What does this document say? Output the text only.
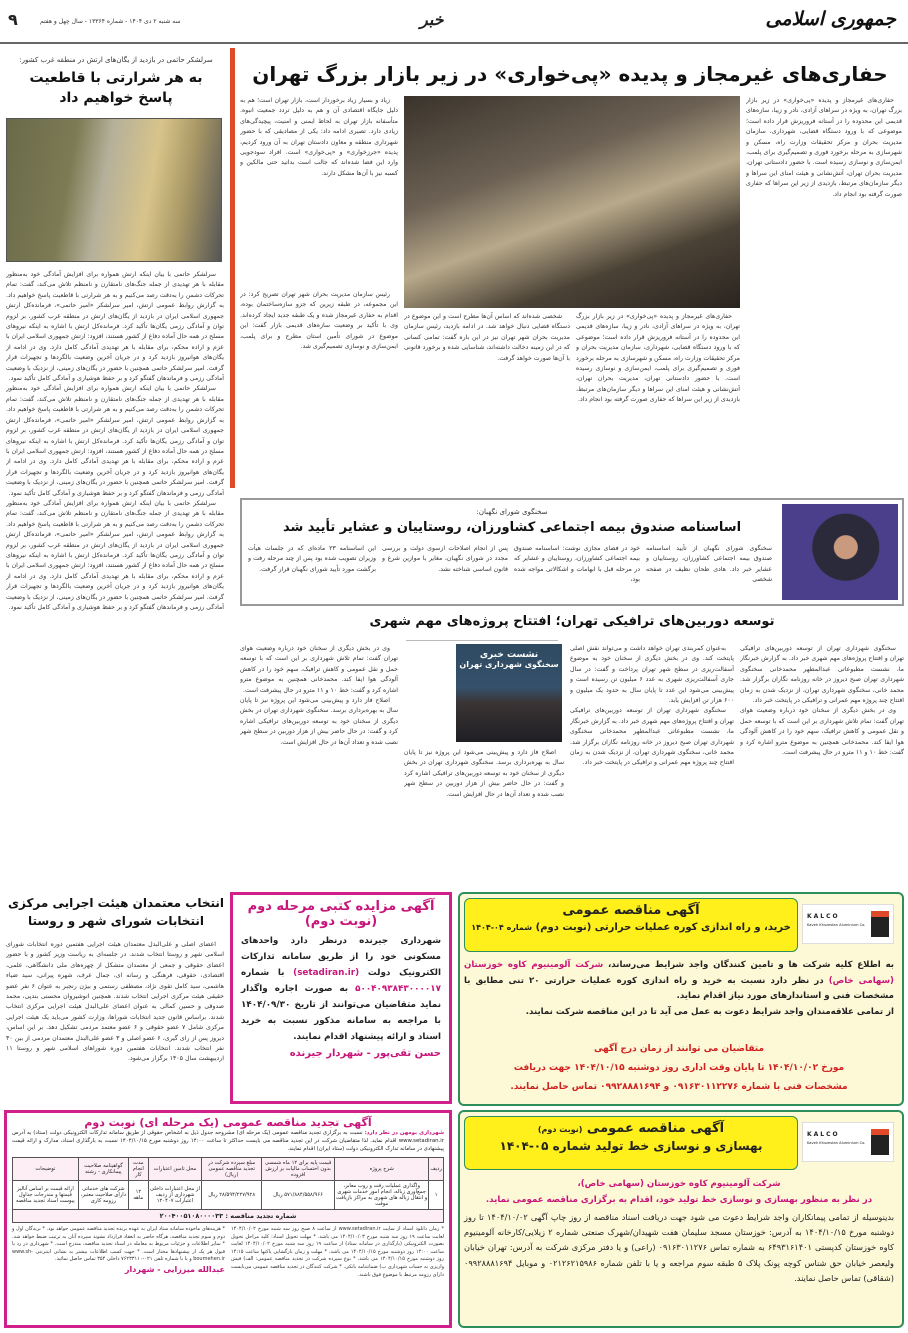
جمهوری اسلامی
خبر
سه شنبه ۲ دی ۱۴۰۴ - شماره ۱۳۳۶۴ - سال چهل و هفتم
۹
حفاری‌های غیرمجاز و پدیده «پی‌خواری» در زیر بازار بزرگ تهران

حفاری‌های غیرمجاز و پدیده «پی‌خواری» در زیر بازار بزرگ تهران، به ویژه در سراهای آزادی، نادر و زیبا، سازه‌های قدیمی این محدوده را در آستانه فروریزش قرار داده است؛ موضوعی که با ورود دستگاه قضایی، شهرداری، سازمان مدیریت بحران و مرکز تحقیقات وزارت راه، مسکن و شهرسازی به مرحله برخورد فوری و تصمیم‌گیری برای پلمب، ایمن‌سازی و نوسازی رسیده است. با حضور دادستانی تهران، مدیریت بحران تهران، آتش‌نشانی و هیئت امنای این سراها و دیگر سازمان‌های مرتبط، بازدیدی از زیر این سراها که حفاری صورت گرفته بود انجام داد.

شخصی شده‌اند که اساس آن‌ها مطرح است و این موضوع در دستگاه قضایی دنبال خواهد شد. در ادامه بازدید، رئیس سازمان مدیریت بحران شهر تهران نیز در این باره گفت: تمامی کسانی که در این زمینه دخالت داشته‌اند، شناسایی شده و برخورد قانونی با آن‌ها صورت خواهد گرفت.

حفاری‌های غیرمجاز و پدیده «پی‌خواری» در زیر بازار بزرگ تهران، به ویژه در سراهای آزادی، نادر و زیبا، سازه‌های قدیمی این محدوده را در آستانه فروریزش قرار داده است؛ موضوعی که با ورود دستگاه قضایی، شهرداری، سازمان مدیریت بحران و مرکز تحقیقات وزارت راه، مسکن و شهرسازی به مرحله برخورد فوری و تصمیم‌گیری برای پلمب، ایمن‌سازی و نوسازی رسیده است. با حضور دادستانی تهران، مدیریت بحران تهران، آتش‌نشانی و هیئت امنای این سراها و دیگر سازمان‌های مرتبط، بازدیدی از زیر این سراها که حفاری صورت گرفته بود انجام داد.

زیاد و بسیار زیاد برخوردار است، بازار تهران است؛ هم به دلیل جایگاه اقتصادی آن و هم به دلیل تردد جمعیت انبوه. متأسفانه بازار تهران به لحاظ ایمنی و امنیت، پیچیدگی‌های زیادی دارد. تصیری ادامه داد: یکی از مصادیقی که با حضور شهرداری منطقه و معاون دادستان تهران به آن ورود کردیم، پدیده «جرزخواری» و «پی‌خواری» است. افراد سودجویی وارد این فضا شده‌اند که جالب است بدانید حتی مالکین و کسبه نیز با آن‌ها مشکل دارند.

رئیس سازمان مدیریت بحران شهر تهران تصریح کرد: در این مجموعه، در طبقه زیرین که جزو سازه‌ساختمان بوده، اقدام به حفاری غیرمجاز شده و یک طبقه جدید ایجاد کرده‌اند. وی با تأکید بر وضعیت سازه‌های قدیمی بازار گفت: این موضوع در شورای تأمین استان مطرح و برای پلمب، ایمن‌سازی و نوسازی تصمیم‌گیری شد.

سرلشکر حاتمی در بازدید از یگان‌های ارتش در منطقه غرب کشور:
به هر شرارتی با قاطعیت
پاسخ خواهیم داد

سرلشکر حاتمی با بیان اینکه ارتش همواره برای افزایش آمادگی خود به‌منظور مقابله با هر تهدیدی از جمله جنگ‌های نامتقارن و نامنظم تلاش می‌کند، گفت: تمام تحرکات دشمن را به‌دقت رصد می‌کنیم و به هر شرارتی با قاطعیت پاسخ خواهیم داد. به گزارش روابط عمومی ارتش، امیر سرلشکر «امیر حاتمی»، فرمانده‌کل ارتش جمهوری اسلامی ایران در بازدید از یگان‌های ارتش در منطقه غرب کشور، بر لزوم توان و آمادگی رزمی یگان‌ها تأکید کرد. فرمانده‌کل ارتش با اشاره به اینکه نیروهای مسلح در همه حال آماده دفاع از کشور هستند، افزود: ارتش جمهوری اسلامی ایران با عزم و اراده محکم، برای مقابله با هر تهدیدی آمادگی کامل دارد. وی در ادامه از یگان‌های هوانیروز بازدید کرد و در جریان آخرین وضعیت بالگردها و تجهیزات قرار گرفت. امیر سرلشکر حاتمی همچنین با حضور در یگان‌های زمینی، از نزدیک با وضعیت آمادگی رزمی و فرماندهان گفتگو کرد و بر حفظ هوشیاری و آمادگی کامل تأکید نمود.

سرلشکر حاتمی با بیان اینکه ارتش همواره برای افزایش آمادگی خود به‌منظور مقابله با هر تهدیدی از جمله جنگ‌های نامتقارن و نامنظم تلاش می‌کند، گفت: تمام تحرکات دشمن را به‌دقت رصد می‌کنیم و به هر شرارتی با قاطعیت پاسخ خواهیم داد. به گزارش روابط عمومی ارتش، امیر سرلشکر «امیر حاتمی»، فرمانده‌کل ارتش جمهوری اسلامی ایران در بازدید از یگان‌های ارتش در منطقه غرب کشور، بر لزوم توان و آمادگی رزمی یگان‌ها تأکید کرد. فرمانده‌کل ارتش با اشاره به اینکه نیروهای مسلح در همه حال آماده دفاع از کشور هستند، افزود: ارتش جمهوری اسلامی ایران با عزم و اراده محکم، برای مقابله با هر تهدیدی آمادگی کامل دارد. وی در ادامه از یگان‌های هوانیروز بازدید کرد و در جریان آخرین وضعیت بالگردها و تجهیزات قرار گرفت. امیر سرلشکر حاتمی همچنین با حضور در یگان‌های زمینی، از نزدیک با وضعیت آمادگی رزمی و فرماندهان گفتگو کرد و بر حفظ هوشیاری و آمادگی کامل تأکید نمود.

سرلشکر حاتمی با بیان اینکه ارتش همواره برای افزایش آمادگی خود به‌منظور مقابله با هر تهدیدی از جمله جنگ‌های نامتقارن و نامنظم تلاش می‌کند، گفت: تمام تحرکات دشمن را به‌دقت رصد می‌کنیم و به هر شرارتی با قاطعیت پاسخ خواهیم داد. به گزارش روابط عمومی ارتش، امیر سرلشکر «امیر حاتمی»، فرمانده‌کل ارتش جمهوری اسلامی ایران در بازدید از یگان‌های ارتش در منطقه غرب کشور، بر لزوم توان و آمادگی رزمی یگان‌ها تأکید کرد. فرمانده‌کل ارتش با اشاره به اینکه نیروهای مسلح در همه حال آماده دفاع از کشور هستند، افزود: ارتش جمهوری اسلامی ایران با عزم و اراده محکم، برای مقابله با هر تهدیدی آمادگی کامل دارد. وی در ادامه از یگان‌های هوانیروز بازدید کرد و در جریان آخرین وضعیت بالگردها و تجهیزات قرار گرفت. امیر سرلشکر حاتمی همچنین با حضور در یگان‌های زمینی، از نزدیک با وضعیت آمادگی رزمی و فرماندهان گفتگو کرد و بر حفظ هوشیاری و آمادگی کامل تأکید نمود.

سخنگوی شورای نگهبان:
اساسنامه صندوق بیمه اجتماعی کشاورزان، روستاییان و عشایر تأیید شد
سخنگوی شورای نگهبان از تأیید اساسنامه صندوق بیمه اجتماعی کشاورزان، روستاییان و عشایر خبر داد. هادی طحان نظیف در صفحه شخصی
خود در فضای مجازی نوشت: اساسنامه صندوق بیمه اجتماعی کشاورزان، روستاییان و عشایر که در مرحله قبل با ابهامات و اشکالاتی مواجه شده بود،
پس از انجام اصلاحات ازسوی دولت و بررسی مجدد در شورای نگهبان، مغایر با موازین شرع و قانون اساسی شناخته نشد.
این اساسنامه ۲۳ ماده‌ای که در جلسات هیأت وزیران تصویب شده بود پس از چند مرحله رفت و برگشت مورد تأیید شورای نگهبان قرار گرفت.
توسعه دوربین‌های ترافیکی تهران؛ افتتاح پروژه‌های مهم شهری
نشست خبری
سخنگوی شهرداری تهران

سخنگوی شهرداری تهران از توسعه دوربین‌های ترافیکی تهران و افتتاح پروژه‌های مهم شهری خبر داد. به گزارش خبرنگار ما، نشست مطبوعاتی عبدالمطهر محمدخانی سخنگوی شهرداری تهران صبح دیروز در خانه روزنامه نگاران برگزار شد. محمد خانی، سخنگوی شهرداری تهران، از نزدیک شدن به زمان افتتاح چند پروژه مهم عمرانی و ترافیکی در پایتخت خبر داد.

وی در بخش دیگری از سخنان خود درباره وضعیت هوای تهران گفت: تمام تلاش شهرداری بر این است که با توسعه حمل و نقل عمومی و کاهش ترافیک، سهم خود را در کاهش آلودگی هوا ایفا کند. محمدخانی همچنین به موضوع مترو اشاره کرد و گفت: خط ۱۰ و ۱۱ مترو در حال پیشرفت است.

به‌عنوان کمربندی تهران خواهد داشت و می‌تواند نقش اصلی پایتخت کند. وی در بخش دیگری از سخنان خود به موضوع آسفالت‌ریزی در سطح شهر تهران پرداخت و گفت: در سال جاری آسفالت‌ریزی شهری به عدد ۶ میلیون تن رسیده است و پیش‌بینی می‌شود این عدد تا پایان سال به حدود یک میلیون و ۶۰۰ هزار تن افزایش یابد.

سخنگوی شهرداری تهران از توسعه دوربین‌های ترافیکی تهران و افتتاح پروژه‌های مهم شهری خبر داد. به گزارش خبرنگار ما، نشست مطبوعاتی عبدالمطهر محمدخانی سخنگوی شهرداری تهران صبح دیروز در خانه روزنامه نگاران برگزار شد. محمد خانی، سخنگوی شهرداری تهران، از نزدیک شدن به زمان افتتاح چند پروژه مهم عمرانی و ترافیکی در پایتخت خبر داد.

اصلاح فاز دارد و پیش‌بینی می‌شود این پروژه نیز تا پایان سال به بهره‌برداری برسد. سخنگوی شهرداری تهران در بخش دیگری از سخنان خود به توسعه دوربین‌های ترافیکی اشاره کرد و گفت: در حال حاضر بیش از هزار دوربین در سطح شهر نصب شده و تعداد آن‌ها در حال افزایش است.

وی در بخش دیگری از سخنان خود درباره وضعیت هوای تهران گفت: تمام تلاش شهرداری بر این است که با توسعه حمل و نقل عمومی و کاهش ترافیک، سهم خود را در کاهش آلودگی هوا ایفا کند. محمدخانی همچنین به موضوع مترو اشاره کرد و گفت: خط ۱۰ و ۱۱ مترو در حال پیشرفت است.

اصلاح فاز دارد و پیش‌بینی می‌شود این پروژه نیز تا پایان سال به بهره‌برداری برسد. سخنگوی شهرداری تهران در بخش دیگری از سخنان خود به توسعه دوربین‌های ترافیکی اشاره کرد و گفت: در حال حاضر بیش از هزار دوربین در سطح شهر نصب شده و تعداد آن‌ها در حال افزایش است.

انتخاب معتمدان هیئت اجرایی مرکزی
انتخابات شورای شهر و روستا

اعضای اصلی و علی‌البدل معتمدان هیئت اجرایی هفتمین دوره انتخابات شورای اسلامی شهر و روستا انتخاب شدند. در جلسه‌ای به ریاست وزیر کشور و با حضور اعضای حقوقی و جمعی از معتمدان متشکل از چهره‌های ملی دانشگاهی، علمی، اقتصادی، حقوقی، فرهنگی و رسانه ای، جمال عرف، شهره پیرانی، سید ضیاء هاشمی، سید کامل تقوی نژاد، مصطفی رستمی و بیژن رنجبر به عنوان ۶ نفر عضو حقیقی هیئت مرکزی اجرایی انتخاب شدند. همچنین انوشیروان محسنی بندپی، محمد صدوقی و حسین کمالی به عنوان اعضای علی‌البدل هیئت اجرایی مرکزی انتخاب شدند. براساس قانون جدید انتخابات شوراها، وزارت کشور می‌باید یک هیئت اجرایی مرکزی شامل ۷ عضو حقوقی و ۶ عضو معتمد مردمی تشکیل دهد. بر این اساس، دیروز پس از رای گیری، ۶ عضو اصلی و ۳ عضو علی‌البدل معتمدان مردمی از بین ۳۰ نفر انتخاب شدند. انتخابات هفتمین دوره شوراهای اسلامی شهر و روستا ۱۱ اردیبهشت سال ۱۴۰۵ برگزار می‌شود.

آگهی مزایده کتبی مرحله دوم
(نوبت دوم)
شهرداری جیرنده درنظر دارد واحدهای مسکونی خود را از طریق سامانه تدارکات الکترونیک دولت (setadiran.ir) با شماره ۵۰۰۴۰۹۳۸۴۳۰۰۰۰۱۷ به صورت اجاره واگذار نماید متقاضیان می‌توانند از تاریخ ۱۴۰۴/۰۹/۳۰ با مراجعه به سامانه مذکور نسبت به خرید اسناد و ارائه پیشنهاد اقدام نمایند.
حسن تقی‌پور - شهردار جیرنده
KALCO
Kaveh Khuzestan Aluminium Co.
آگهی مناقصه عمومی
خرید، و راه اندازی کوره عملیات حرارتی (نوبت دوم) شماره ۰۴-۱۴۰۴
به اطلاع کلیه شرکت ها و تامین کنندگان واجد شرایط می‌رساند، شرکت آلومینیوم کاوه خوزستان (سهامی خاص) در نظر دارد نسبت به خرید و راه اندازی کوره عملیات حرارتی ۲۰ تنی مطابق با مشخصات فنی و استاندارهای مورد نیاز اقدام نماید.
از تمامی علاقه‌مندان واجد شرایط دعوت به عمل می آید تا در این مناقصه شرکت نمایند.
متقاضیان می توانند از زمان درج آگهی
مورخ ۱۴۰۴/۱۰/۰۲ تا پایان وقت اداری روز دوشنبه ۱۴۰۴/۱۰/۱۵ جهت دریافت
مشخصات فنی با شماره ۰۹۱۶۳۰۱۱۲۲۷۶ و ۰۹۹۲۸۸۸۱۶۹۴ تماس حاصل نمایند.
KALCO
Kaveh Khuzestan Aluminium Co.
آگهی مناقصه عمومی (نوبت دوم)
بهسازی و نوسازی خط تولید شماره ۰۵-۱۴۰۴
شرکت آلومینیوم کاوه خوزستان (سهامی خاص)،
در نظر به منظور بهسازی و نوسازی خط تولید خود، اقدام به برگزاری مناقصه عمومی نماید.
بدینوسیله از تمامی پیمانکاران واجد شرایط دعوت می شود جهت دریافت اسناد مناقصه از روز چاپ آگهی ۱۴۰۴/۱۰/۰۲ تا روز دوشنبه مورخ ۱۴۰۴/۱۰/۱۵ به آدرس: خوزستان مسجد سلیمان هفت شهیدان/شهرک صنعتی شماره ۲ زیلایی/کارخانه آلومینیوم کاوه خوزستان کدپستی ۶۴۹۳۱۶۱۴۰۱ به شماره تماس ۰۹۱۶۳۰۱۱۲۷۶ (راعی) و یا دفتر مرکزی شرکت به آدرس: تهران خیابان ولیعصر خیابان حق شناس کوچه پونک پلاک ۵ طبقه سوم مراجعه و یا با تلفن شماره ۰۲۱۲۶۲۱۵۹۸۶ و موبایل ۰۹۹۲۸۸۸۱۶۹۴ (شقاقی) تماس حاصل نمایند.
آگهی تجدید مناقصه عمومی (یک مرحله ای) نوبت دوم
شهرداری بومهن در نظر دارد: نسبت به برگزاری تجدید مناقصه عمومی (یک مرحله ای) مشروحه جدول ذیل به اشخاص حقوقی از طریق سامانه تدارکات الکترونیکی دولت (ستاد) به آدرس www.setadiran.ir اقدام نماید. لذا متقاضیان شرکت در این تجدید مناقصه می بایست حداکثر تا ساعت ۱۴:۰۰ روز دوشنبه مورخ ۱۴۰۴/۱۰/۱۵ نسبت به بارگذاری اسناد، مدارک و ارائه قیمت پیشنهادی در سامانه تدارک الکترونیکی دولت (ستاد ایران) اقدام نمایند.
ردیف	شرح پروژه	قیمت پایه برای ۱۲ ماه شمسی بدون احتساب مالیات بر ارزش افزوده	مبلغ سپرده شرکت در تجدید مناقصه عمومی (ریال)	محل تامین اعتبارات	مدت انجام کار	گواهینامه صلاحیت پیمانکاری - رشته	توضیحات
۱	واگذاری عملیات رفت و روب معابر، جمع‌آوری زباله، انجام امور خدمات شهری و انتقال زباله های شهری به مراکز بازیافت موقت	۵۷۱/۸۸۴/۵۵۸/۹۶۶ ریال	۲۸/۵۹۴/۲۲۷/۹۲۸ ریال	از محل اعتبارات داخلی شهرداری از ردیف اعتبارات ۱۲۰۴۰۷	۱۲ ماهه	شرکت های خدماتی دارای صلاحیت معتبر، رزومه کاری	ارائه قیمت بر اساس آنالیز قیمتها و مندرجات جداول پیوست اسناد تجدید مناقصه
شماره تجدید مناقصه : ۲۰۰۴۰۰۵۱۰۸۰۰۰۰۳۳							
* زمان دانلود اسناد از سایت www.setadiran.ir از ساعت ۸ صبح روز سه شنبه مورخ ۱۴۰۴/۱۰/۰۲ لغایت ساعت ۱۹ روز سه شنبه مورخ ۱۴۰۴/۱۰/۰۳ می باشد. * مهلت تحویل اسناد: کلیه مراحل تحویل بصورت الکترونیکی (بارگذاری در سامانه ستاد) از ساعت ۱۹ روز سه شنبه مورخ ۱۴۰۴/۱۰/۰۲ لغایت ساعت ۱۴:۰۰ روز دوشنبه مورخ ۱۴۰۴/۱۰/۱۵ می باشد. * مهلت و زمان بازگشایی پاکتها ساعت ۱۴:۱۵ روز دوشنبه مورخ ۱۴۰۴/۱۰/۱۵ می باشد. * نوع سپرده شرکت در تجدید مناقصه عمومی: الف) فیش واریزی به حساب شهرداری ب) ضمانتنامه بانکی. * شرکت کنندگان در تجدید مناقصه عمومی می‌بایست دارای رزومه مرتبط با موضوع فوق باشند.
* هزینه‌های ماخوذه سامانه ستاد ایران به عهده برنده تجدید مناقصه عمومی خواهد بود. * برندگان اول و دوم و سوم تجدید مناقصه، هرگاه حاضر به انعقاد قرارداد نشوند سپرده آنان به ترتیب ضبط خواهد شد. * سایر اطلاعات و جزئیات مربوط به معامله در اسناد تجدید مناقصه، مندرج است. * شهرداری در رد یا قبول هر یک از پیشنهادها مختار است. * جهت کسب اطلاعات بیشتر به نشانی اینترنتی www.sh-boumehen.ir و یا با شماره تلفن ۰۲۱-۷۶۲۳۳۱۱۰ داخلی ۳۵۴ تماس حاصل نمائید.
عبدالله میرزایی - شهردار
